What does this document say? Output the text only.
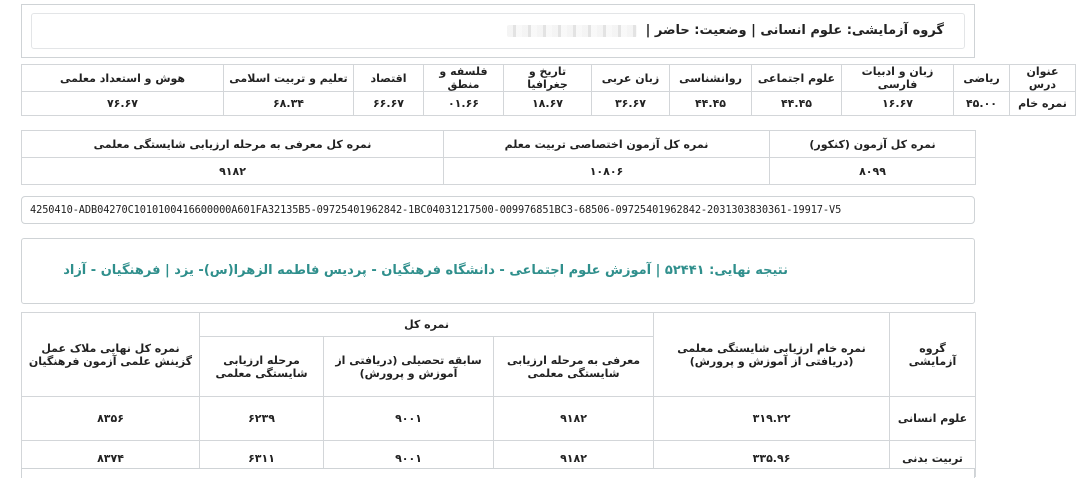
گروه آزمایشی: علوم انسانی | وضعیت: حاضر |
عنوان درس	ریاضی	زبان و ادبیات فارسی	علوم اجتماعی	روانشناسی	زبان عربی	تاریخ و جغرافیا	فلسفه و منطق	اقتصاد	تعلیم و تربیت اسلامی	هوش و استعداد معلمی
نمره خام	۴۵.۰۰	۱۶.۶۷	۴۴.۴۵	۴۴.۴۵	۳۶.۶۷	۱۸.۶۷	۰۱.۶۶	۶۶.۶۷	۶۸.۳۴	۷۶.۶۷
نمره کل آزمون (کنکور)	نمره کل آزمون اختصاصی تربیت معلم	نمره کل معرفی به مرحله ارزیابی شایستگی معلمی
۸۰۹۹	۱۰۸۰۶	۹۱۸۲
4250410-ADB04270C1010100416600000A601FA32135B5-09725401962842-1BC04031217500-009976851BC3-68506-09725401962842-2031303830361-19917-V5
نتیجه نهایی: ۵۲۴۴۱ | آموزش علوم اجتماعی - دانشگاه فرهنگیان - پردیس فاطمه الزهرا(س)- یزد | فرهنگیان - آزاد
گروه آزمایشی	نمره خام ارزیابی شایستگی معلمی (دریافتی از آموزش و پرورش)	نمره کل			نمره کل نهایی ملاک عمل گزینش علمی آزمون فرهنگیان
		معرفی به مرحله ارزیابی شایستگی معلمی	سابقه تحصیلی (دریافتی از آموزش و پرورش)	مرحله ارزیابی شایستگی معلمی	
علوم انسانی	۳۱۹.۲۲	۹۱۸۲	۹۰۰۱	۶۲۳۹	۸۳۵۶
تربیت بدنی	۳۳۵.۹۶	۹۱۸۲	۹۰۰۱	۶۳۱۱	۸۳۷۴
